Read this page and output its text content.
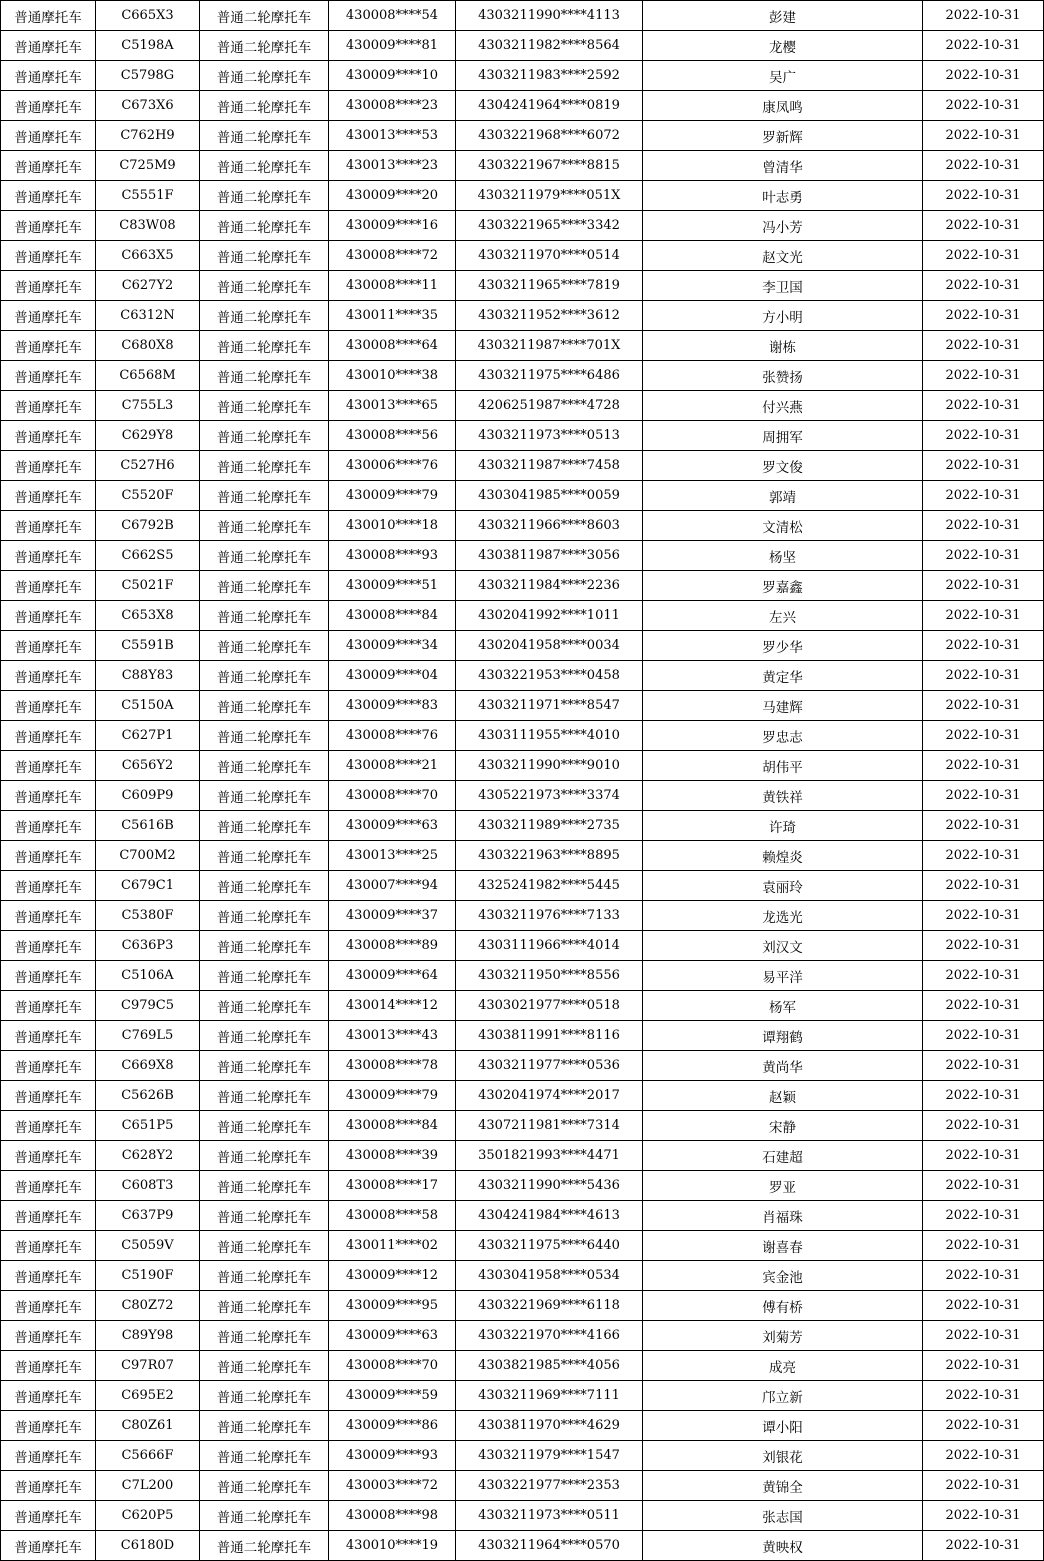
普通摩托车	C665X3	普通二轮摩托车	430008****54	4303211990****4113	彭建	2022-10-31
普通摩托车	C5198A	普通二轮摩托车	430009****81	4303211982****8564	龙樱	2022-10-31
普通摩托车	C5798G	普通二轮摩托车	430009****10	4303211983****2592	吴广	2022-10-31
普通摩托车	C673X6	普通二轮摩托车	430008****23	4304241964****0819	康凤鸣	2022-10-31
普通摩托车	C762H9	普通二轮摩托车	430013****53	4303221968****6072	罗新辉	2022-10-31
普通摩托车	C725M9	普通二轮摩托车	430013****23	4303221967****8815	曾清华	2022-10-31
普通摩托车	C5551F	普通二轮摩托车	430009****20	4303211979****051X	叶志勇	2022-10-31
普通摩托车	C83W08	普通二轮摩托车	430009****16	4303221965****3342	冯小芳	2022-10-31
普通摩托车	C663X5	普通二轮摩托车	430008****72	4303211970****0514	赵文光	2022-10-31
普通摩托车	C627Y2	普通二轮摩托车	430008****11	4303211965****7819	李卫国	2022-10-31
普通摩托车	C6312N	普通二轮摩托车	430011****35	4303211952****3612	方小明	2022-10-31
普通摩托车	C680X8	普通二轮摩托车	430008****64	4303211987****701X	谢栋	2022-10-31
普通摩托车	C6568M	普通二轮摩托车	430010****38	4303211975****6486	张赞扬	2022-10-31
普通摩托车	C755L3	普通二轮摩托车	430013****65	4206251987****4728	付兴燕	2022-10-31
普通摩托车	C629Y8	普通二轮摩托车	430008****56	4303211973****0513	周拥军	2022-10-31
普通摩托车	C527H6	普通二轮摩托车	430006****76	4303211987****7458	罗文俊	2022-10-31
普通摩托车	C5520F	普通二轮摩托车	430009****79	4303041985****0059	郭靖	2022-10-31
普通摩托车	C6792B	普通二轮摩托车	430010****18	4303211966****8603	文清松	2022-10-31
普通摩托车	C662S5	普通二轮摩托车	430008****93	4303811987****3056	杨坚	2022-10-31
普通摩托车	C5021F	普通二轮摩托车	430009****51	4303211984****2236	罗嘉鑫	2022-10-31
普通摩托车	C653X8	普通二轮摩托车	430008****84	4302041992****1011	左兴	2022-10-31
普通摩托车	C5591B	普通二轮摩托车	430009****34	4302041958****0034	罗少华	2022-10-31
普通摩托车	C88Y83	普通二轮摩托车	430009****04	4303221953****0458	黄定华	2022-10-31
普通摩托车	C5150A	普通二轮摩托车	430009****83	4303211971****8547	马建辉	2022-10-31
普通摩托车	C627P1	普通二轮摩托车	430008****76	4303111955****4010	罗忠志	2022-10-31
普通摩托车	C656Y2	普通二轮摩托车	430008****21	4303211990****9010	胡伟平	2022-10-31
普通摩托车	C609P9	普通二轮摩托车	430008****70	4305221973****3374	黄铁祥	2022-10-31
普通摩托车	C5616B	普通二轮摩托车	430009****63	4303211989****2735	许琦	2022-10-31
普通摩托车	C700M2	普通二轮摩托车	430013****25	4303221963****8895	赖煌炎	2022-10-31
普通摩托车	C679C1	普通二轮摩托车	430007****94	4325241982****5445	袁丽玲	2022-10-31
普通摩托车	C5380F	普通二轮摩托车	430009****37	4303211976****7133	龙选光	2022-10-31
普通摩托车	C636P3	普通二轮摩托车	430008****89	4303111966****4014	刘汉文	2022-10-31
普通摩托车	C5106A	普通二轮摩托车	430009****64	4303211950****8556	易平洋	2022-10-31
普通摩托车	C979C5	普通二轮摩托车	430014****12	4303021977****0518	杨军	2022-10-31
普通摩托车	C769L5	普通二轮摩托车	430013****43	4303811991****8116	谭翔鹤	2022-10-31
普通摩托车	C669X8	普通二轮摩托车	430008****78	4303211977****0536	黄尚华	2022-10-31
普通摩托车	C5626B	普通二轮摩托车	430009****79	4302041974****2017	赵颖	2022-10-31
普通摩托车	C651P5	普通二轮摩托车	430008****84	4307211981****7314	宋静	2022-10-31
普通摩托车	C628Y2	普通二轮摩托车	430008****39	3501821993****4471	石建超	2022-10-31
普通摩托车	C608T3	普通二轮摩托车	430008****17	4303211990****5436	罗亚	2022-10-31
普通摩托车	C637P9	普通二轮摩托车	430008****58	4304241984****4613	肖福珠	2022-10-31
普通摩托车	C5059V	普通二轮摩托车	430011****02	4303211975****6440	谢喜春	2022-10-31
普通摩托车	C5190F	普通二轮摩托车	430009****12	4303041958****0534	宾金池	2022-10-31
普通摩托车	C80Z72	普通二轮摩托车	430009****95	4303221969****6118	傅有桥	2022-10-31
普通摩托车	C89Y98	普通二轮摩托车	430009****63	4303221970****4166	刘菊芳	2022-10-31
普通摩托车	C97R07	普通二轮摩托车	430008****70	4303821985****4056	成亮	2022-10-31
普通摩托车	C695E2	普通二轮摩托车	430009****59	4303211969****7111	邝立新	2022-10-31
普通摩托车	C80Z61	普通二轮摩托车	430009****86	4303811970****4629	谭小阳	2022-10-31
普通摩托车	C5666F	普通二轮摩托车	430009****93	4303211979****1547	刘银花	2022-10-31
普通摩托车	C7L200	普通二轮摩托车	430003****72	4303221977****2353	黄锦全	2022-10-31
普通摩托车	C620P5	普通二轮摩托车	430008****98	4303211973****0511	张志国	2022-10-31
普通摩托车	C6180D	普通二轮摩托车	430010****19	4303211964****0570	黄映权	2022-10-31
